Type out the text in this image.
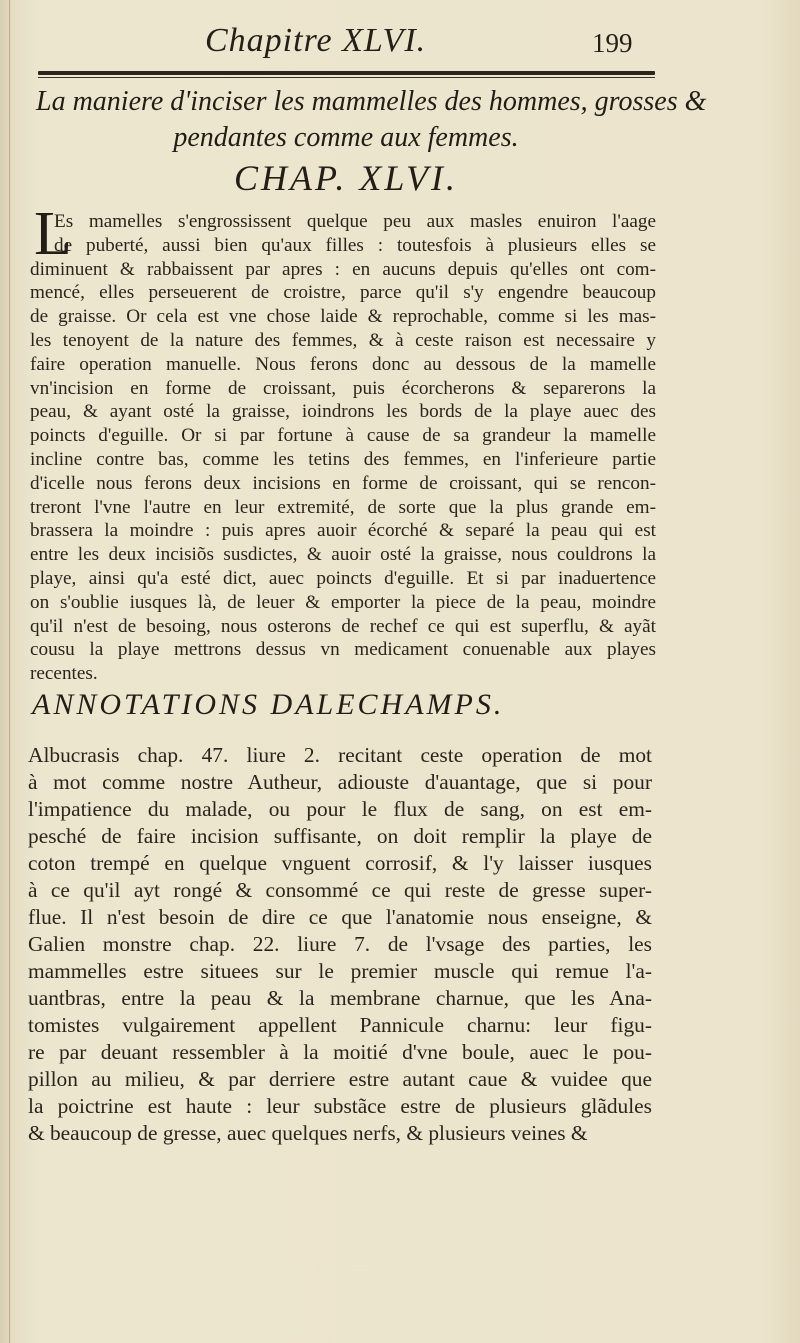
Chapitre XLVI.	199
La maniere d'inciser les mammelles des hommes, grosses &
pendantes comme aux femmes.
CHAP. XLVI.
L
Es mamelles s'engrossissent quelque peu aux masles enuiron l'aage
de puberté, aussi bien qu'aux filles : toutesfois à plusieurs elles se
diminuent & rabbaissent par apres : en aucuns depuis qu'elles ont com-
mencé, elles perseuerent de croistre, parce qu'il s'y engendre beaucoup
de graisse. Or cela est vne chose laide & reprochable, comme si les mas-
les tenoyent de la nature des femmes, & à ceste raison est necessaire y
faire operation manuelle. Nous ferons donc au dessous de la mamelle
vn'incision en forme de croissant, puis écorcherons & separerons la
peau, & ayant osté la graisse, ioindrons les bords de la playe auec des
poincts d'eguille. Or si par fortune à cause de sa grandeur la mamelle
incline contre bas, comme les tetins des femmes, en l'inferieure partie
d'icelle nous ferons deux incisions en forme de croissant, qui se rencon-
treront l'vne l'autre en leur extremité, de sorte que la plus grande em-
brassera la moindre : puis apres auoir écorché & separé la peau qui est
entre les deux incisiõs susdictes, & auoir osté la graisse, nous couldrons la
playe, ainsi qu'a esté dict, auec poincts d'eguille. Et si par inaduertence
on s'oublie iusques là, de leuer & emporter la piece de la peau, moindre
qu'il n'est de besoing, nous osterons de rechef ce qui est superflu, & ayãt
cousu la playe mettrons dessus vn medicament conuenable aux playes
recentes.
ANNOTATIONS DALECHAMPS.
Albucrasis chap. 47. liure 2. recitant ceste operation de mot
à mot comme nostre Autheur, adiouste d'auantage, que si pour
l'impatience du malade, ou pour le flux de sang, on est em-
pesché de faire incision suffisante, on doit remplir la playe de
coton trempé en quelque vnguent corrosif, & l'y laisser iusques
à ce qu'il ayt rongé & consommé ce qui reste de gresse super-
flue. Il n'est besoin de dire ce que l'anatomie nous enseigne, &
Galien monstre chap. 22. liure 7. de l'vsage des parties, les
mammelles estre situees sur le premier muscle qui remue l'a-
uantbras, entre la peau & la membrane charnue, que les Ana-
tomistes vulgairement appellent Pannicule charnu: leur figu-
re par deuant ressembler à la moitié d'vne boule, auec le pou-
pillon au milieu, & par derriere estre autant caue & vuidee que
la poictrine est haute : leur substãce estre de plusieurs glãdules
& beaucoup de gresse, auec quelques nerfs, & plusieurs veines &
